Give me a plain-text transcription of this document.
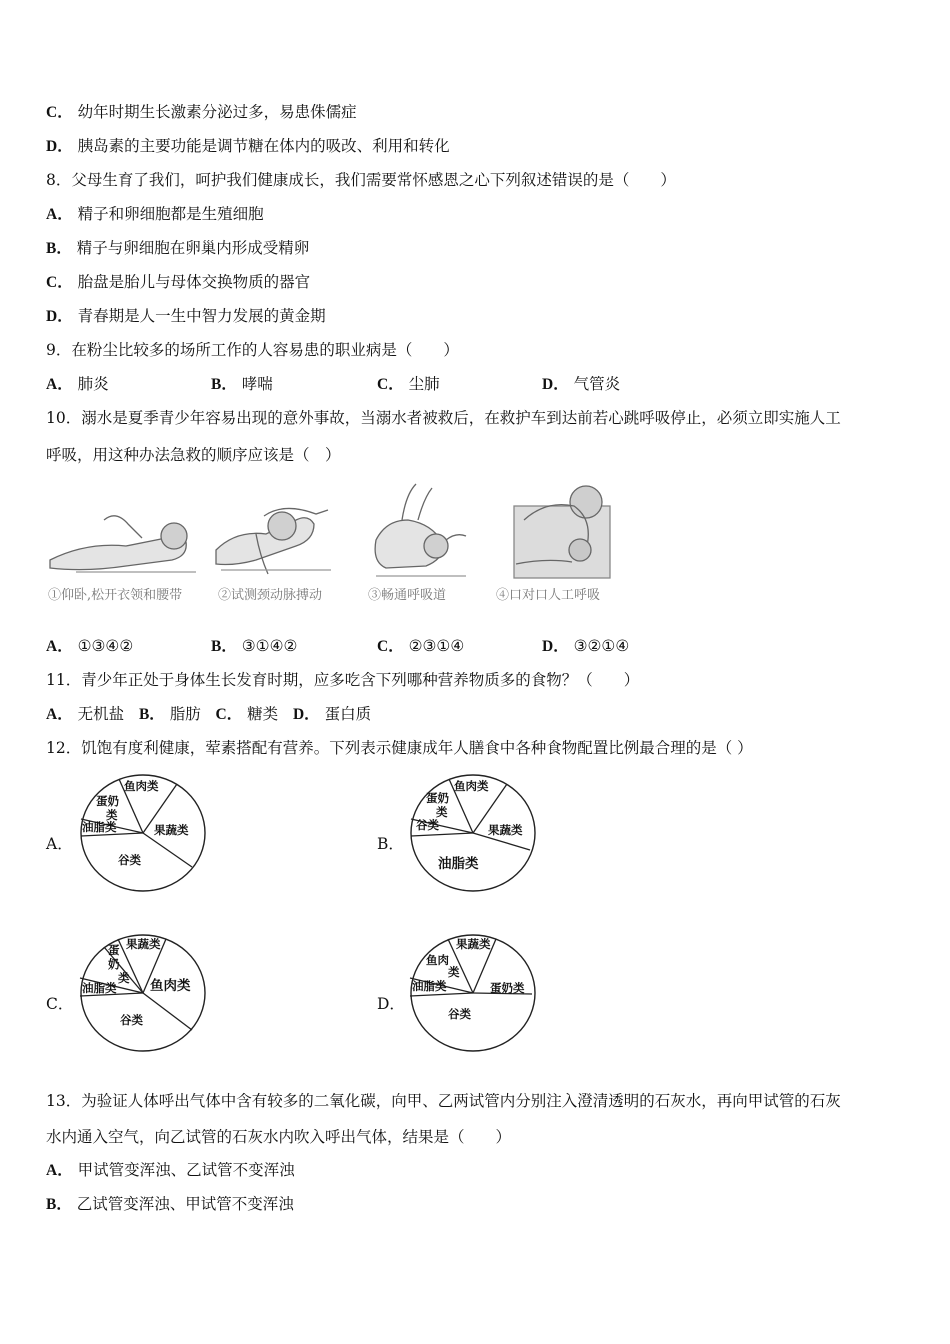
C． 幼年时期生长激素分泌过多，易患侏儒症
D． 胰岛素的主要功能是调节糖在体内的吸改、利用和转化
8．父母生育了我们，呵护我们健康成长，我们需要常怀感恩之心下列叙述错误的是（　　）
A． 精子和卵细胞都是生殖细胞
B． 精子与卵细胞在卵巢内形成受精卵
C． 胎盘是胎儿与母体交换物质的器官
D． 青春期是人一生中智力发展的黄金期
9．在粉尘比较多的场所工作的人容易患的职业病是（　　）
A． 肺炎	B． 哮喘	C． 尘肺	D． 气管炎
10．溺水是夏季青少年容易出现的意外事故，当溺水者被救后，在救护车到达前若心跳呼吸停止，必须立即实施人工
呼吸，用这种办法急救的顺序应该是（　）
①仰卧,松开衣领和腰带	②试测颈动脉搏动	③畅通呼吸道	④口对口人工呼吸
A． ①③④②	B． ③①④②	C． ②③①④	D． ③②①④
11．青少年正处于身体生长发育时期，应多吃含下列哪种营养物质多的食物？（　　）
A． 无机盐 B． 脂肪 C． 糖类 D． 蛋白质
12．饥饱有度利健康，荤素搭配有营养。下列表示健康成年人膳食中各种食物配置比例最合理的是（ ）
A．	B．
C．	D．
鱼肉类
蛋奶
类
油脂类	果蔬类
谷类
鱼肉类
蛋奶
类
谷类	果蔬类
油脂类
果蔬类
蛋
奶
类
油脂类 鱼肉类
谷类
果蔬类
鱼肉
类
油脂类	蛋奶类
谷类
13．为验证人体呼出气体中含有较多的二氧化碳，向甲、乙两试管内分别注入澄清透明的石灰水，再向甲试管的石灰
水内通入空气，向乙试管的石灰水内吹入呼出气体，结果是（　　）
A． 甲试管变浑浊、乙试管不变浑浊
B． 乙试管变浑浊、甲试管不变浑浊
